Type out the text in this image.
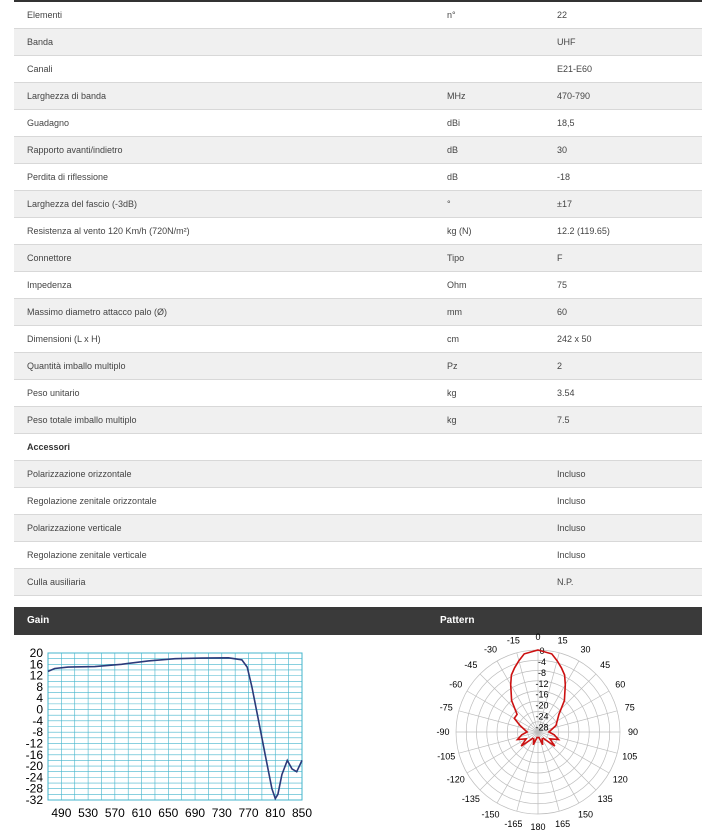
Elementi	n°	22
Banda		UHF
Canali		E21-E60
Larghezza di banda	MHz	470-790
Guadagno	dBi	18,5
Rapporto avanti/indietro	dB	30
Perdita di riflessione	dB	-18
Larghezza del fascio (-3dB)	°	±17
Resistenza al vento 120 Km/h (720N/m²)	kg (N)	12.2 (119.65)
Connettore	Tipo	F
Impedenza	Ohm	75
Massimo diametro attacco palo (Ø)	mm	60
Dimensioni (L x H)	cm	242 x 50
Quantità imballo multiplo	Pz	2
Peso unitario	kg	3.54
Peso totale imballo multiplo	kg	7.5
Accessori		
Polarizzazione orizzontale		Incluso
Regolazione zenitale orizzontale		Incluso
Polarizzazione verticale		Incluso
Regolazione zenitale verticale		Incluso
Culla ausiliaria		N.P.
Gain	Pattern
20
16
12
8
4
0
-4
-8
-12
-16
-20
-24
-28
-32
490 530 570 610 650 690 730 770 810 850
0 15
30
45
60
75
90
105
120
135
150
165
180
-165
-150
-135
-120
-105
-90
-75
-60
-45
-30
-15
0
-4
-8
-12
-16
-20
-24
-28
